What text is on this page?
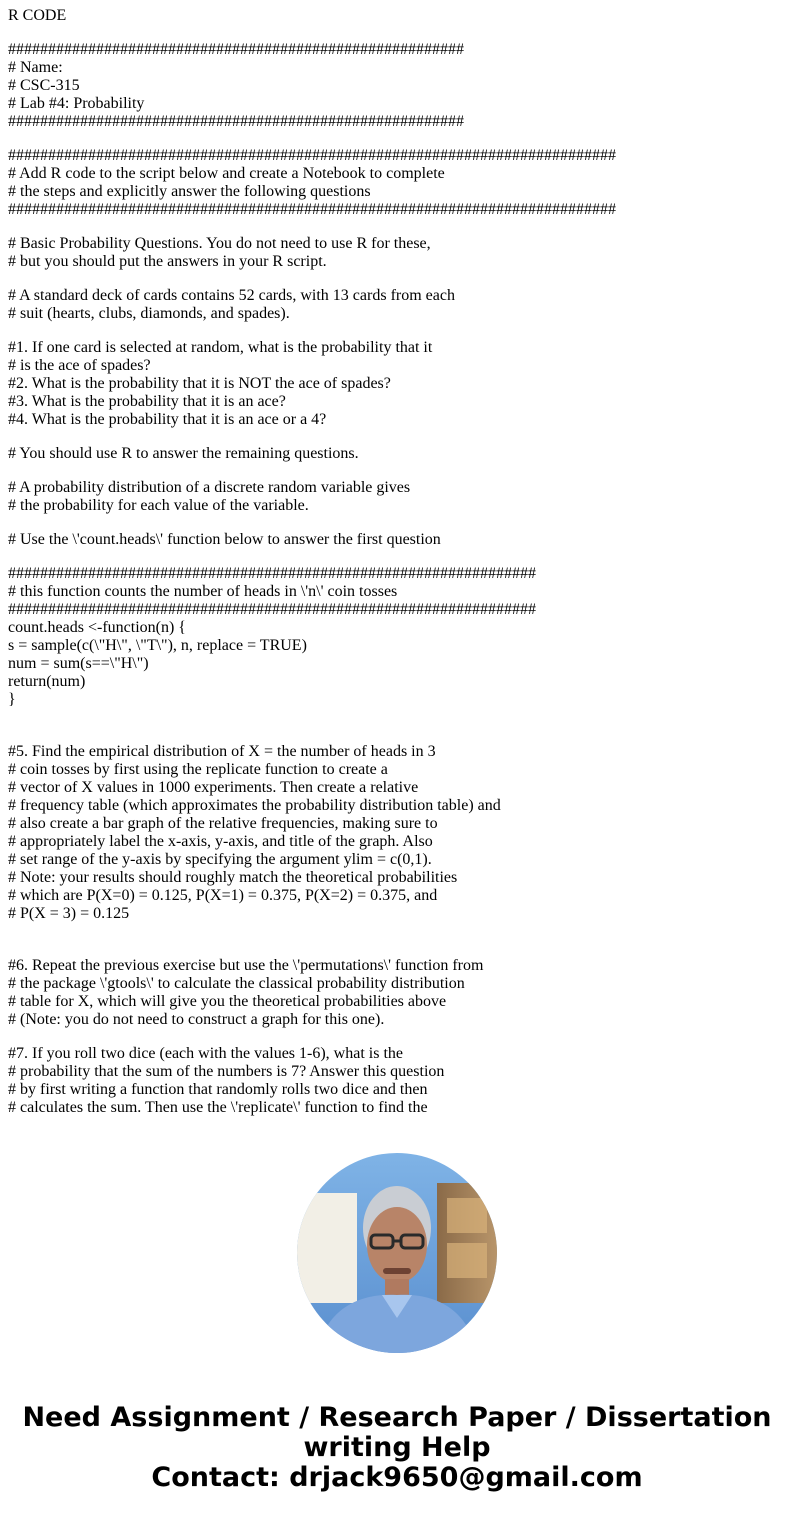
R CODE
#########################################################
# Name:
# CSC-315
# Lab #4: Probability
#########################################################
############################################################################
# Add R code to the script below and create a Notebook to complete
# the steps and explicitly answer the following questions
############################################################################
# Basic Probability Questions. You do not need to use R for these,
# but you should put the answers in your R script.
# A standard deck of cards contains 52 cards, with 13 cards from each
# suit (hearts, clubs, diamonds, and spades).
#1. If one card is selected at random, what is the probability that it
# is the ace of spades?
#2. What is the probability that it is NOT the ace of spades?
#3. What is the probability that it is an ace?
#4. What is the probability that it is an ace or a 4?
# You should use R to answer the remaining questions.
# A probability distribution of a discrete random variable gives
# the probability for each value of the variable.
# Use the \'count.heads\' function below to answer the first question
##################################################################
# this function counts the number of heads in \'n\' coin tosses
##################################################################
count.heads <-function(n) {
s = sample(c(\"H\", \"T\"), n, replace = TRUE)
num = sum(s==\"H\")
return(num)
}
#5. Find the empirical distribution of X = the number of heads in 3
# coin tosses by first using the replicate function to create a
# vector of X values in 1000 experiments. Then create a relative
# frequency table (which approximates the probability distribution table) and
# also create a bar graph of the relative frequencies, making sure to
# appropriately label the x-axis, y-axis, and title of the graph. Also
# set range of the y-axis by specifying the argument ylim = c(0,1).
# Note: your results should roughly match the theoretical probabilities
# which are P(X=0) = 0.125, P(X=1) = 0.375, P(X=2) = 0.375, and
# P(X = 3) = 0.125
#6. Repeat the previous exercise but use the \'permutations\' function from
# the package \'gtools\' to calculate the classical probability distribution
# table for X, which will give you the theoretical probabilities above
# (Note: you do not need to construct a graph for this one).
#7. If you roll two dice (each with the values 1-6), what is the
# probability that the sum of the numbers is 7? Answer this question
# by first writing a function that randomly rolls two dice and then
# calculates the sum. Then use the \'replicate\' function to find the
Need Assignment / Research Paper / Dissertation
writing Help
Contact: drjack9650@gmail.com
